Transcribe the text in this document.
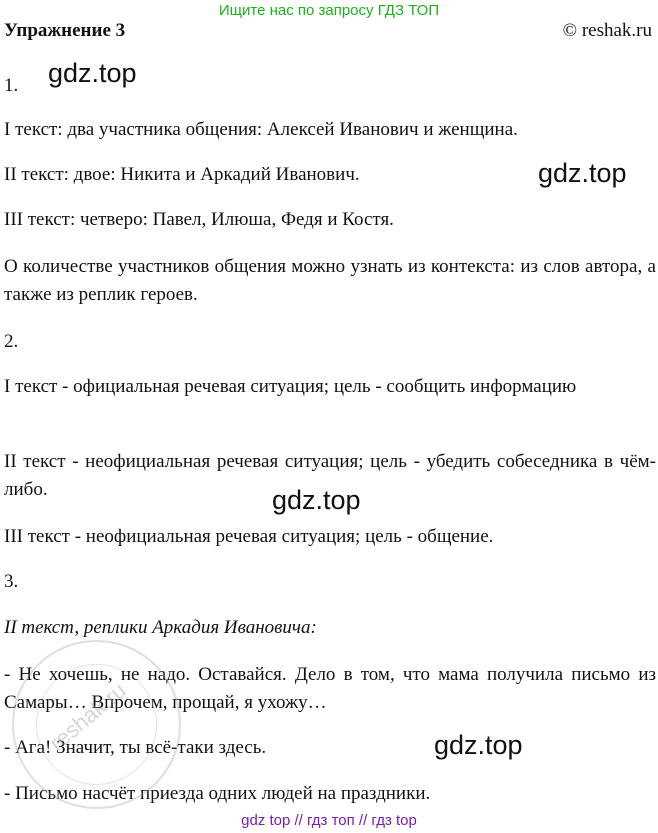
Ищите нас по запросу ГДЗ ТОП
Упражнение 3	© reshak.ru
1.
I текст: два участника общения: Алексей Иванович и женщина.
II текст: двое: Никита и Аркадий Иванович.
III текст: четверо: Павел, Илюша, Федя и Костя.
О количестве участников общения можно узнать из контекста: из слов автора, а также из реплик героев.
2.
I текст - официальная речевая ситуация; цель - сообщить информацию
II текст - неофициальная речевая ситуация; цель - убедить собеседника в чём-либо.
III текст - неофициальная речевая ситуация; цель - общение.
3.
II текст, реплики Аркадия Ивановича:
- Не хочешь, не надо. Оставайся. Дело в том, что мама получила письмо из Самары… Впрочем, прощай, я ухожу…
- Ага! Значит, ты всё-таки здесь.
- Письмо насчёт приезда одних людей на праздники.
gdz.top
gdz.top
gdz.top
gdz.top
reshak.ru
gdz top // гдз топ // гдз top
